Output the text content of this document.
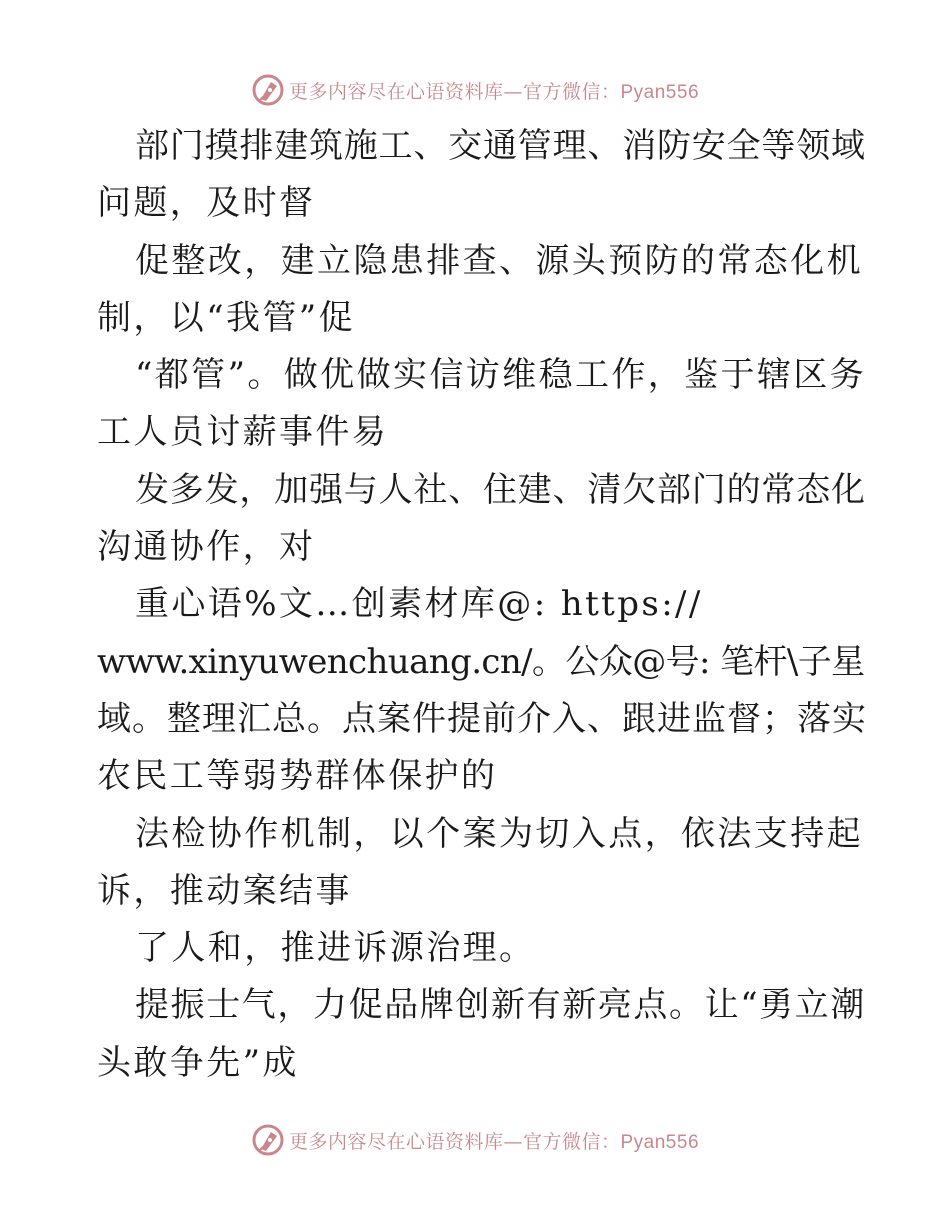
更多内容尽在心语资料库—官方微信：Pyan556
部门摸排建筑施工、交通管理、消防安全等领域
问题，及时督
促整改，建立隐患排查、源头预防的常态化机
制，以“我管”促
“都管”。做优做实信访维稳工作，鉴于辖区务
工人员讨薪事件易
发多发，加强与人社、住建、清欠部门的常态化
沟通协作，对
重心语%文…创素材库@: https://
www.xinyuwenchuang.cn/。公众@号: 笔杆\子星
域。整理汇总。点案件提前介入、跟进监督；落实
农民工等弱势群体保护的
法检协作机制，以个案为切入点，依法支持起
诉，推动案结事
了人和，推进诉源治理。
提振士气，力促品牌创新有新亮点。让“勇立潮
头敢争先”成
更多内容尽在心语资料库—官方微信：Pyan556
